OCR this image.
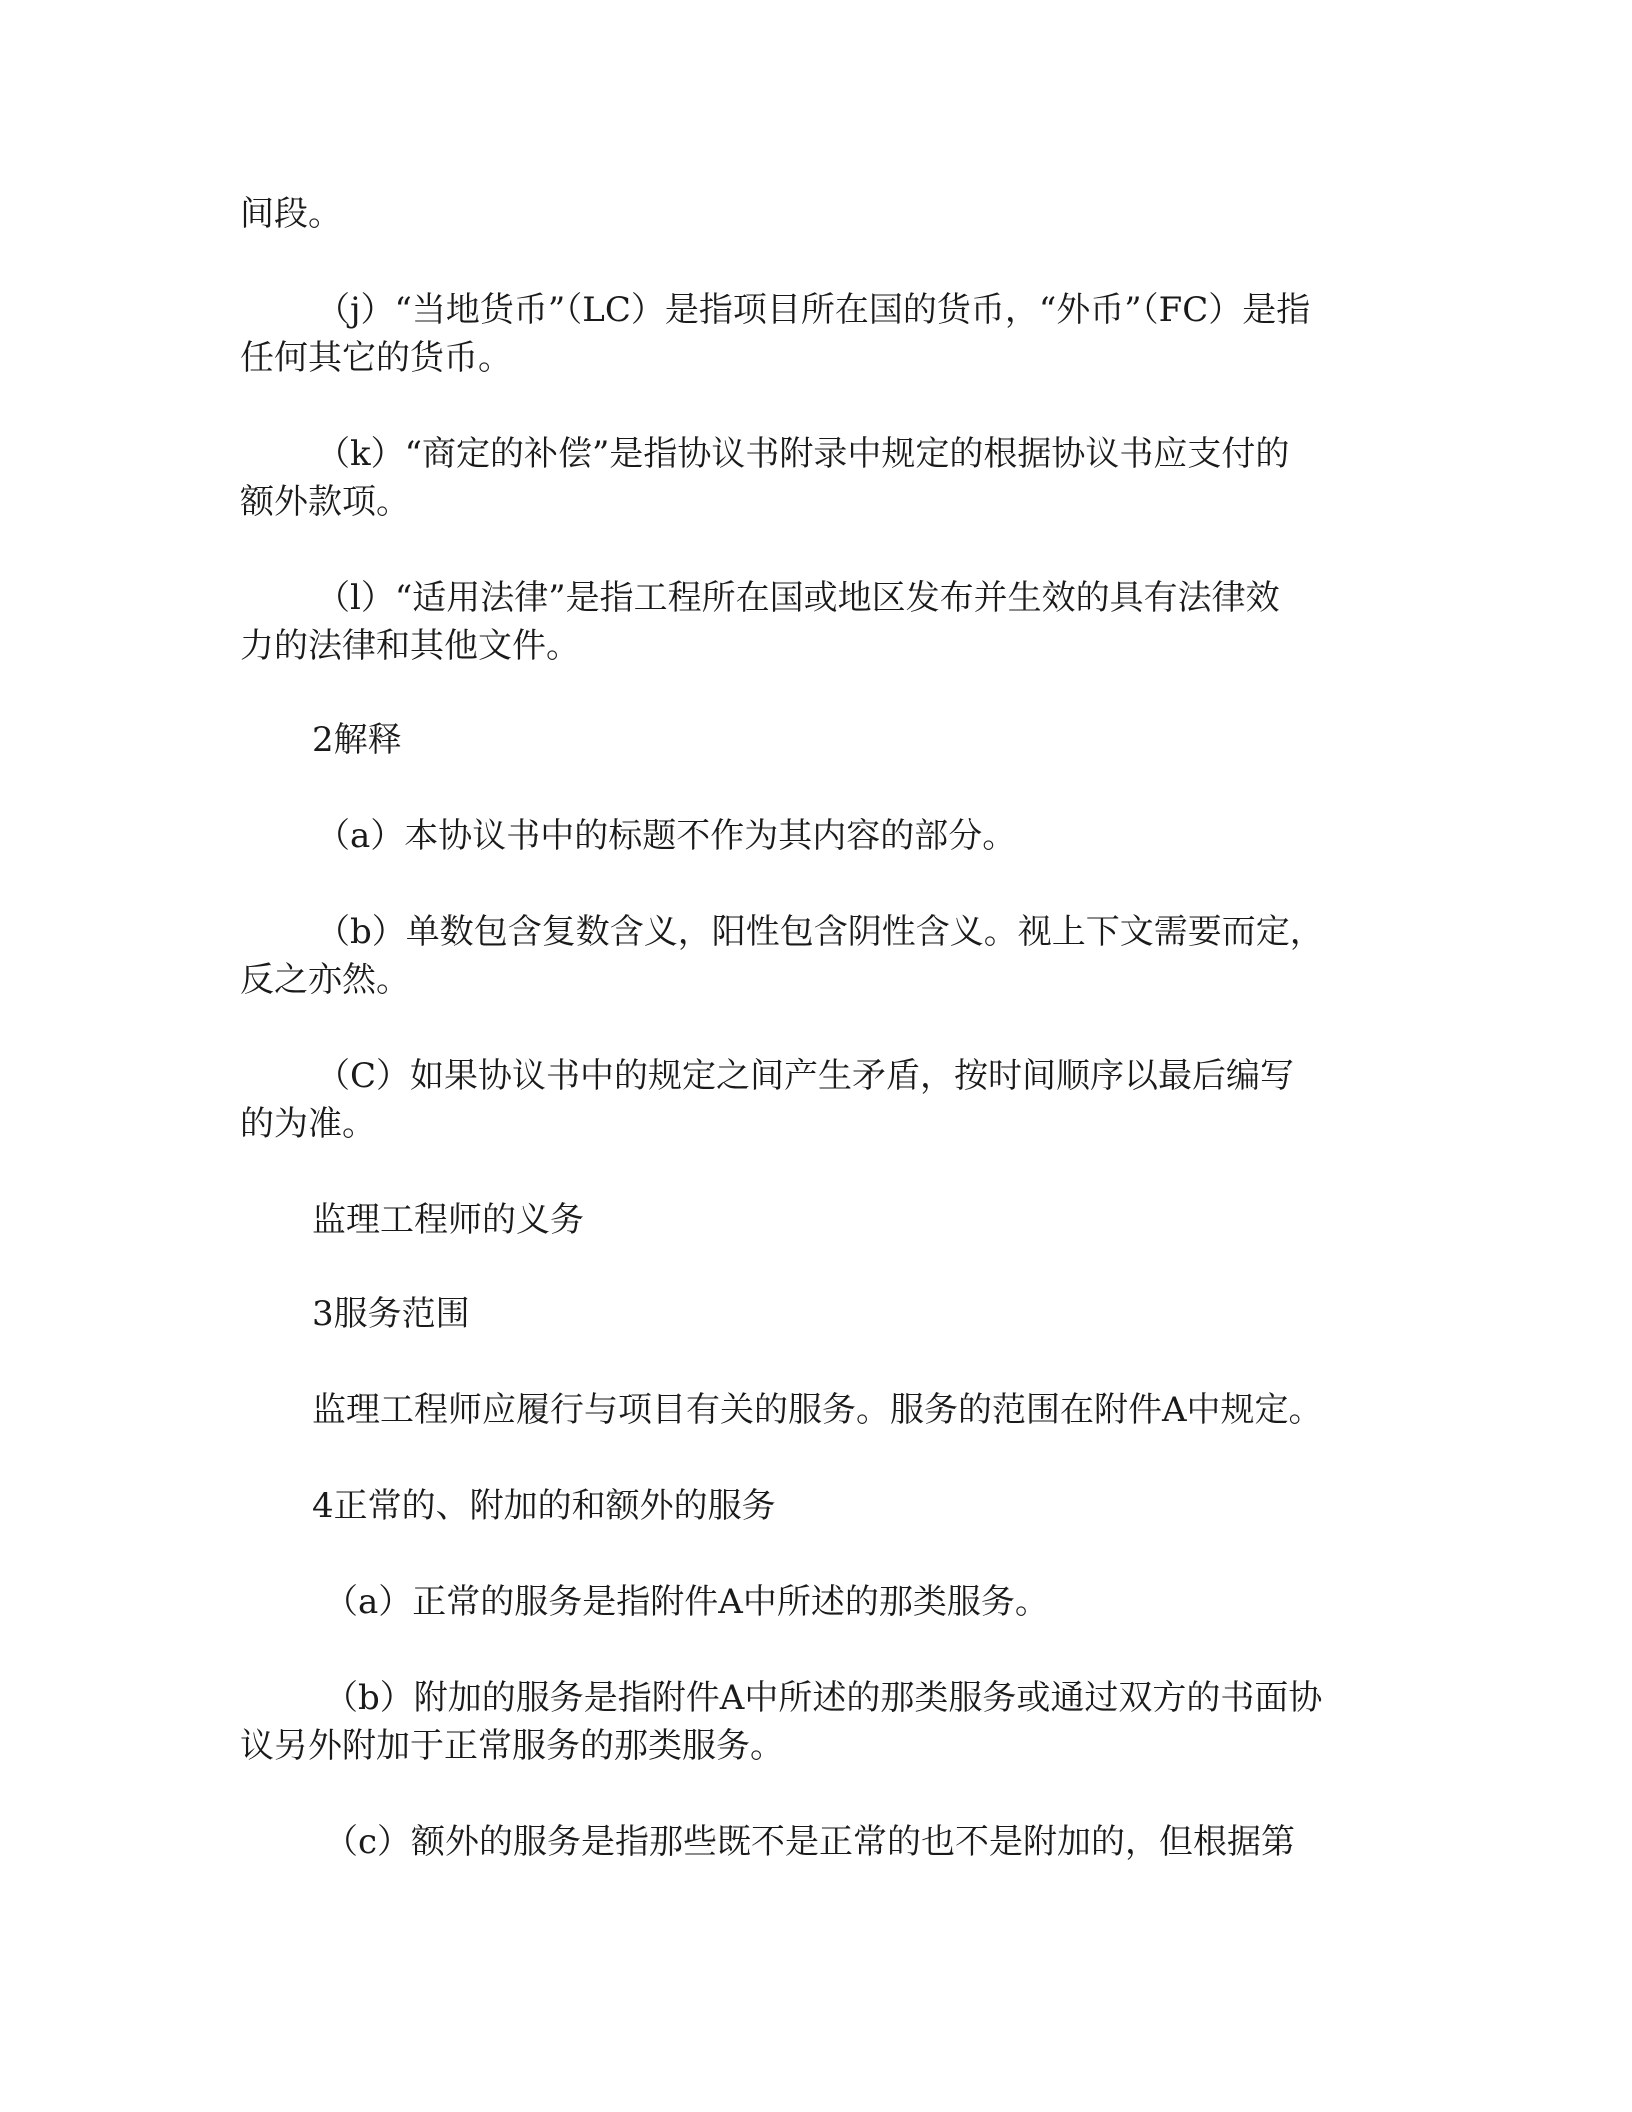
间段。

（j）“当地货币”（LC）是指项目所在国的货币，“外币”（FC）是指

任何其它的货币。

（k）“商定的补偿”是指协议书附录中规定的根据协议书应支付的

额外款项。

（l）“适用法律”是指工程所在国或地区发布并生效的具有法律效

力的法律和其他文件。

2解释

（a）本协议书中的标题不作为其内容的部分。

（b）单数包含复数含义，阳性包含阴性含义。视上下文需要而定，

反之亦然。

（C）如果协议书中的规定之间产生矛盾，按时间顺序以最后编写

的为准。

监理工程师的义务

3服务范围

监理工程师应履行与项目有关的服务。服务的范围在附件A中规定。

4正常的、附加的和额外的服务

（a）正常的服务是指附件A中所述的那类服务。

（b）附加的服务是指附件A中所述的那类服务或通过双方的书面协

议另外附加于正常服务的那类服务。

（c）额外的服务是指那些既不是正常的也不是附加的，但根据第
